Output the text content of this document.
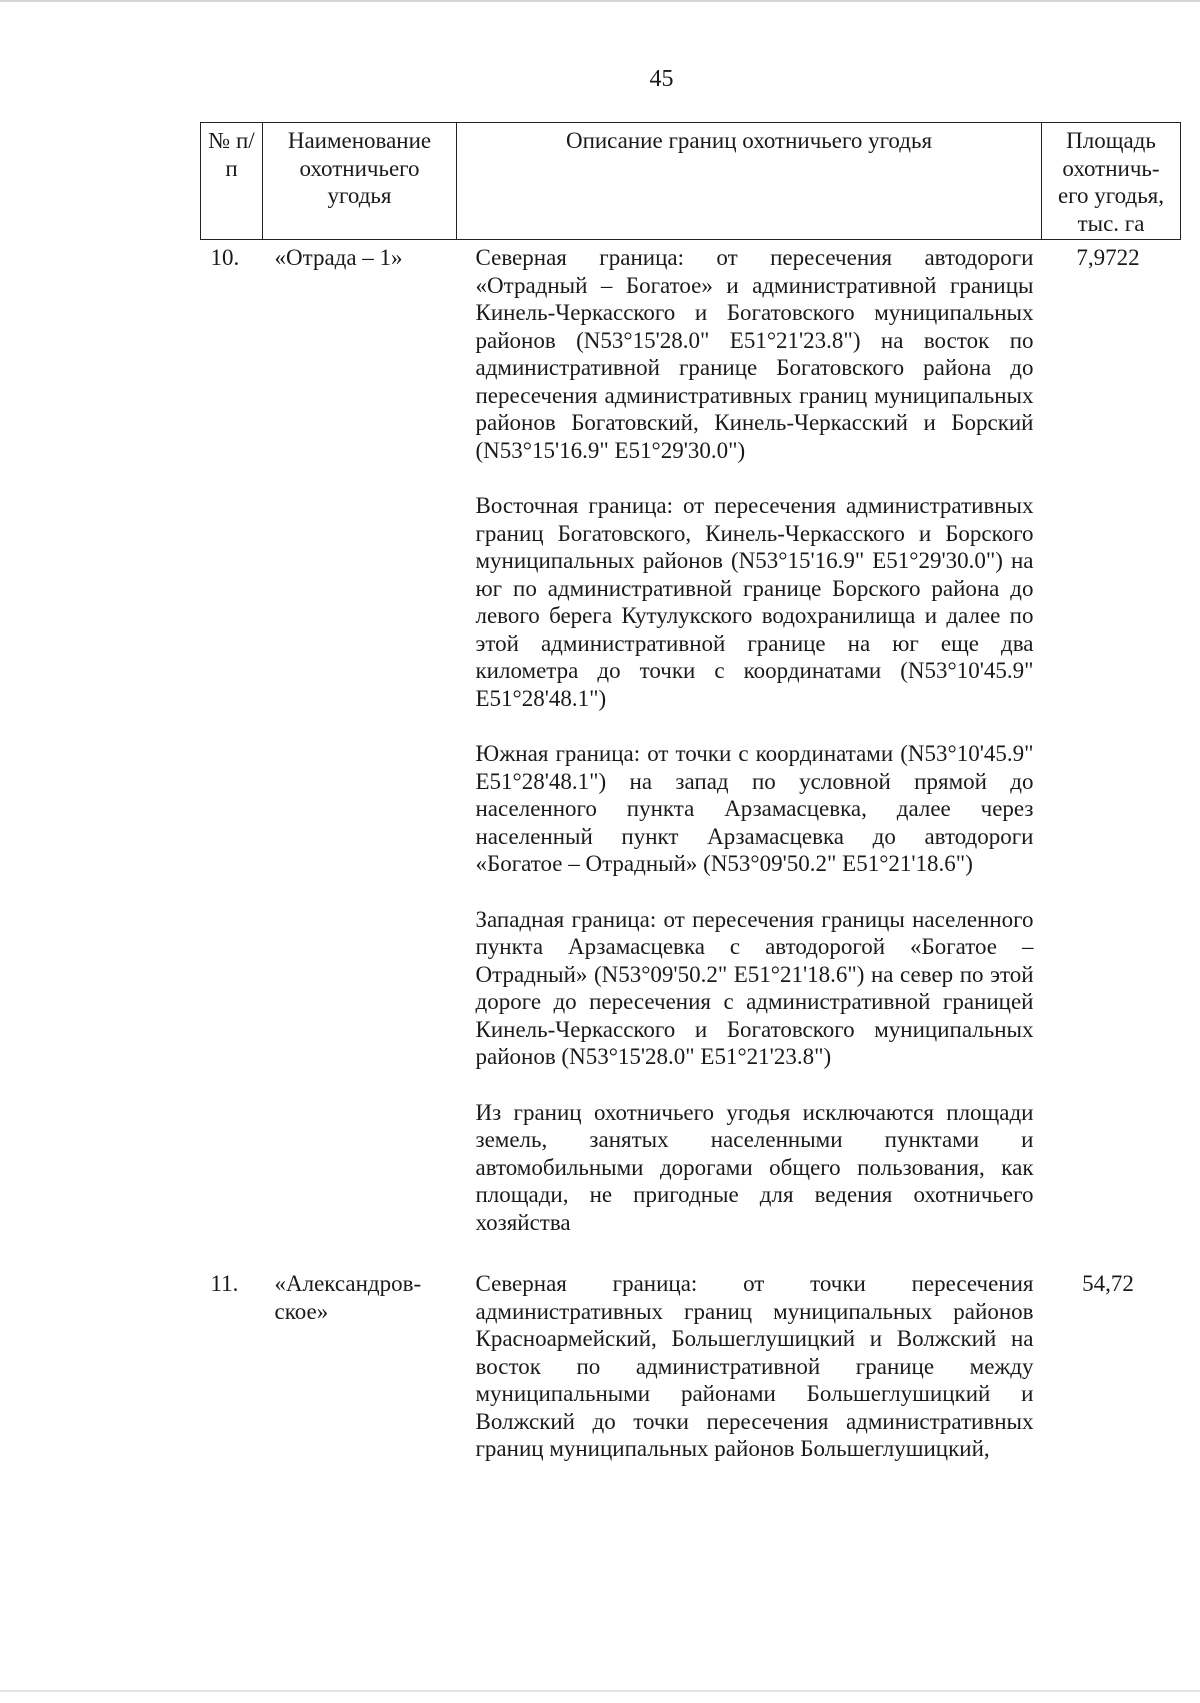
45
№ п/п	Наименование охотничьего угодья	Описание границ охотничьего угодья	Площадь охотничь-его угодья, тыс. га
10.	«Отрада – 1»	Северная граница: от пересечения автодороги «Отрадный – Богатое» и административной границы Кинель-Черкасского и Богатовского муниципальных районов (N53°15'28.0" E51°21'23.8") на восток по административной границе Богатовского района до пересечения административных границ муниципальных районов Богатовский, Кинель-Черкасский и Борский (N53°15'16.9" E51°29'30.0")

Восточная граница: от пересечения административных границ Богатовского, Кинель-Черкасского и Борского муниципальных районов (N53°15'16.9" E51°29'30.0") на юг по административной границе Борского района до левого берега Кутулукского водохранилища и далее по этой административной границе на юг еще два километра до точки с координатами (N53°10'45.9" E51°28'48.1")

Южная граница: от точки с координатами (N53°10'45.9" E51°28'48.1") на запад по условной прямой до населенного пункта Арзамасцевка, далее через населенный пункт Арзамасцевка до автодороги «Богатое – Отрадный» (N53°09'50.2" E51°21'18.6")

Западная граница: от пересечения границы населенного пункта Арзамасцевка с автодорогой «Богатое – Отрадный» (N53°09'50.2" E51°21'18.6") на север по этой дороге до пересечения с административной границей Кинель-Черкасского и Богатовского муниципальных районов (N53°15'28.0" E51°21'23.8")

Из границ охотничьего угодья исключаются площади земель, занятых населенными пунктами и автомобильными дорогами общего пользования, как площади, не пригодные для ведения охотничьего хозяйства	7,9722
11.	«Александров-ское»	Северная граница: от точки пересечения административных границ муниципальных районов Красноармейский, Большеглушицкий и Волжский на восток по административной границе между муниципальными районами Большеглушицкий и Волжский до точки пересечения административных границ муниципальных районов Большеглушицкий,	54,72
